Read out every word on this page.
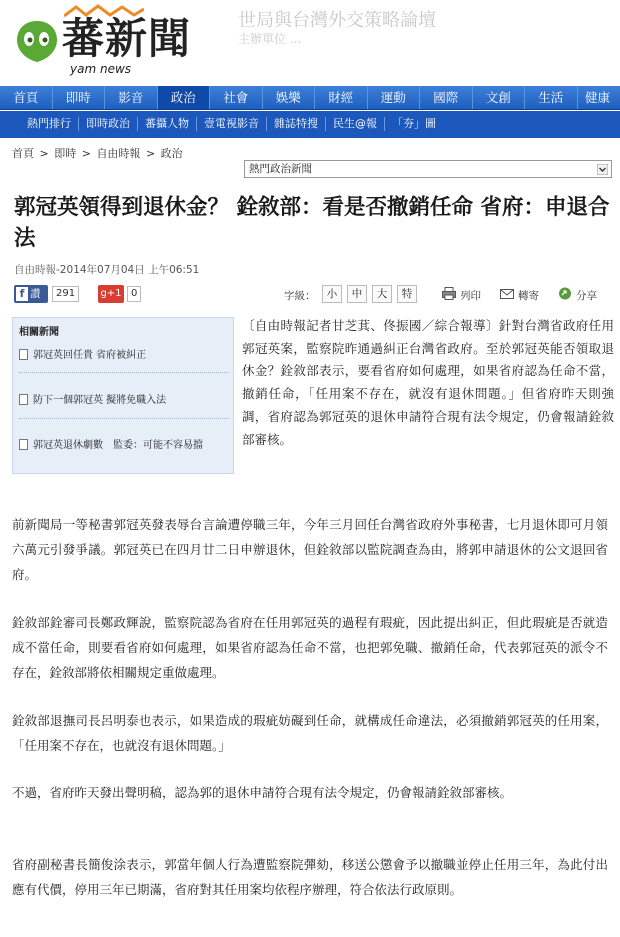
蕃新聞
yam news
世局與台灣外交策略論壇
主辦單位 ...
首頁	即時	影音	政治	社會	娛樂	財經	運動	國際	文創	生活	健康
熱門排行	即時政治	蕃攝人物	壹電視影音	雜誌特搜	民生@報	「夯」圖
首頁 > 即時 > 自由時報 > 政治
熱門政治新聞
郭冠英領得到退休金？ 銓敘部：看是否撤銷任命 省府：申退合法
自由時報-2014年07月04日 上午06:51
f 讚	291	g+1 0	字級：	小	中	大	特	列印	轉寄	分享
相關新聞
郭冠英回任貴 省府被糾正
防下一個郭冠英 擬將免職入法
郭冠英退休劇數　監委：可能不容易擋

〔自由時報記者甘芝萁、佟振國／綜合報導〕針對台灣省政府任用郭冠英案，監察院昨通過糾正台灣省政府。至於郭冠英能否領取退休金？銓敘部表示，要看省府如何處理，如果省府認為任命不當，撤銷任命，「任用案不存在，就沒有退休問題。」但省府昨天則強調，省府認為郭冠英的退休申請符合現有法令規定，仍會報請銓敘部審核。

前新聞局一等秘書郭冠英發表辱台言論遭停職三年，今年三月回任台灣省政府外事秘書，七月退休即可月領六萬元引發爭議。郭冠英已在四月廿二日申辦退休，但銓敘部以監院調查為由，將郭申請退休的公文退回省府。

銓敘部銓審司長鄭政輝說，監察院認為省府在任用郭冠英的過程有瑕疵，因此提出糾正，但此瑕疵是否就造成不當任命，則要看省府如何處理，如果省府認為任命不當，也把郭免職、撤銷任命，代表郭冠英的派令不存在，銓敘部將依相關規定重做處理。

銓敘部退撫司長呂明泰也表示，如果造成的瑕疵妨礙到任命，就構成任命違法，必須撤銷郭冠英的任用案，「任用案不存在，也就沒有退休問題。」

不過，省府昨天發出聲明稿，認為郭的退休申請符合現有法令規定，仍會報請銓敘部審核。

省府副秘書長簡俊涂表示，郭當年個人行為遭監察院彈劾，移送公懲會予以撤職並停止任用三年，為此付出應有代價，停用三年已期滿，省府對其任用案均依程序辦理，符合依法行政原則。
